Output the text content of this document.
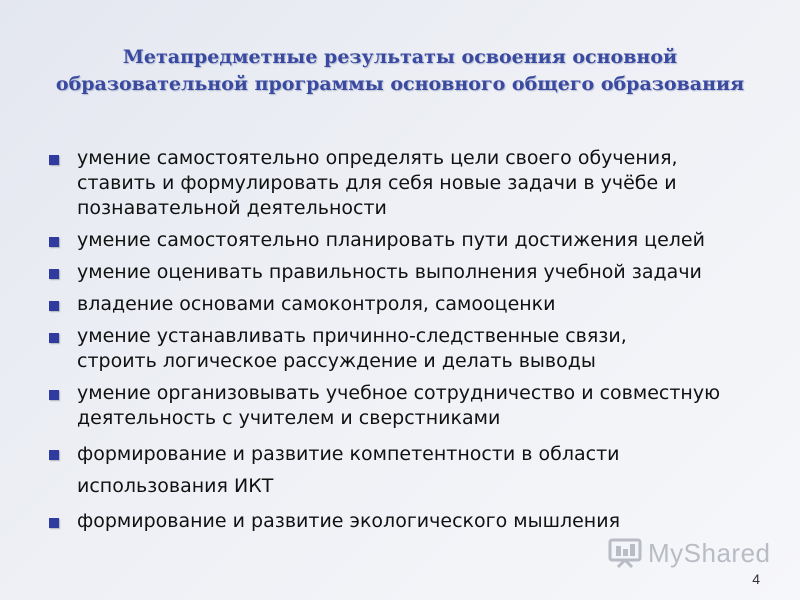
Метапредметные результаты освоения основной
образовательной программы основного общего образования
умение самостоятельно определять цели своего обучения,
ставить и формулировать для себя новые задачи в учёбе и
познавательной деятельности
умение самостоятельно планировать пути достижения целей
умение оценивать правильность выполнения учебной задачи
владение основами самоконтроля, самооценки
умение устанавливать причинно-следственные связи,
строить логическое рассуждение и делать выводы
умение организовывать учебное сотрудничество и совместную
деятельность с учителем и сверстниками
формирование и развитие компетентности в области
использования ИКТ
формирование и развитие экологического мышления
MyShared
4
